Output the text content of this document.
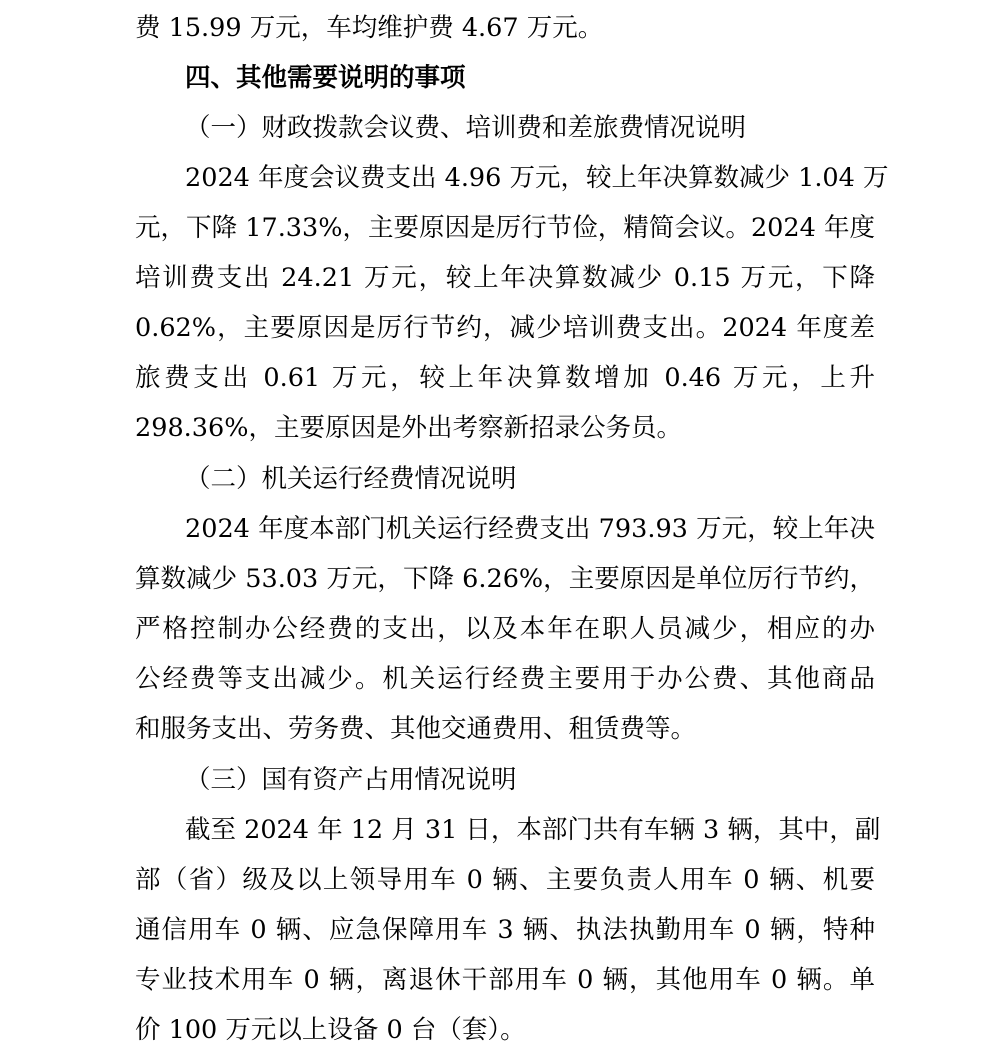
费 15.99 万元，车均维护费 4.67 万元。
四、其他需要说明的事项
（一）财政拨款会议费、培训费和差旅费情况说明
2024 年度会议费支出 4.96 万元，较上年决算数减少 1.04 万
元，下降 17.33%，主要原因是厉行节俭，精简会议。2024 年度
培训费支出 24.21 万元，较上年决算数减少 0.15 万元，下降
0.62%，主要原因是厉行节约，减少培训费支出。2024 年度差
旅费支出 0.61 万元，较上年决算数增加 0.46 万元，上升
298.36%，主要原因是外出考察新招录公务员。
（二）机关运行经费情况说明
2024 年度本部门机关运行经费支出 793.93 万元，较上年决
算数减少 53.03 万元，下降 6.26%，主要原因是单位厉行节约，
严格控制办公经费的支出，以及本年在职人员减少，相应的办
公经费等支出减少。机关运行经费主要用于办公费、其他商品
和服务支出、劳务费、其他交通费用、租赁费等。
（三）国有资产占用情况说明
截至 2024 年 12 月 31 日，本部门共有车辆 3 辆，其中，副
部（省）级及以上领导用车 0 辆、主要负责人用车 0 辆、机要
通信用车 0 辆、应急保障用车 3 辆、执法执勤用车 0 辆，特种
专业技术用车 0 辆，离退休干部用车 0 辆，其他用车 0 辆。单
价 100 万元以上设备 0 台（套）。
